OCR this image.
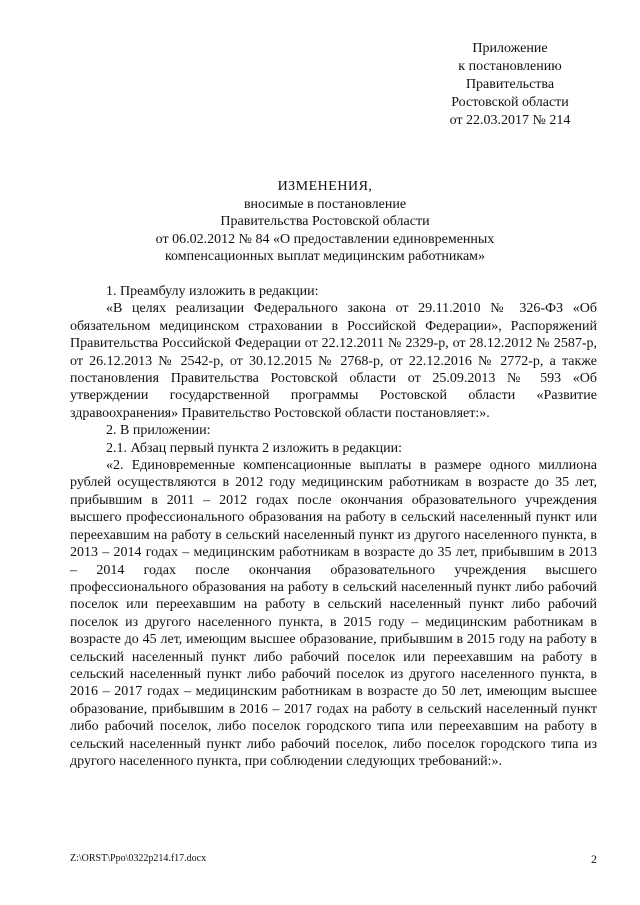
Приложение
к постановлению
Правительства
Ростовской области
от 22.03.2017 № 214
ИЗМЕНЕНИЯ,
вносимые в постановление
Правительства Ростовской области
от 06.02.2012 № 84 «О предоставлении единовременных
компенсационных выплат медицинским работникам»

1. Преамбулу изложить в редакции:

«В целях реализации Федерального закона от 29.11.2010 № 326-ФЗ «Об обязательном медицинском страховании в Российской Федерации», Распоряжений Правительства Российской Федерации от 22.12.2011 № 2329-р, от 28.12.2012 № 2587-р, от 26.12.2013 № 2542-р, от 30.12.2015 № 2768-р, от 22.12.2016 № 2772-р, а также постановления Правительства Ростовской области от 25.09.2013 № 593 «Об утверждении государственной программы Ростовской области «Развитие здравоохранения» Правительство Ростовской области постановляет:».

2. В приложении:

2.1. Абзац первый пункта 2 изложить в редакции:

«2. Единовременные компенсационные выплаты в размере одного миллиона рублей осуществляются в 2012 году медицинским работникам в возрасте до 35 лет, прибывшим в 2011 – 2012 годах после окончания образовательного учреждения высшего профессионального образования на работу в сельский населенный пункт или переехавшим на работу в сельский населенный пункт из другого населенного пункта, в 2013 – 2014 годах – медицинским работникам в возрасте до 35 лет, прибывшим в 2013 – 2014 годах после окончания образовательного учреждения высшего профессионального образования на работу в сельский населенный пункт либо рабочий поселок или переехавшим на работу в сельский населенный пункт либо рабочий поселок из другого населенного пункта, в 2015 году – медицинским работникам в возрасте до 45 лет, имеющим высшее образование, прибывшим в 2015 году на работу в сельский населенный пункт либо рабочий поселок или переехавшим на работу в сельский населенный пункт либо рабочий поселок из другого населенного пункта, в 2016 – 2017 годах – медицинским работникам в возрасте до 50 лет, имеющим высшее образование, прибывшим в 2016 – 2017 годах на работу в сельский населенный пункт либо рабочий поселок, либо поселок городского типа или переехавшим на работу в сельский населенный пункт либо рабочий поселок, либо поселок городского типа из другого населенного пункта, при соблюдении следующих требований:».

Z:\ORST\Ppo\0322p214.f17.docx	2
